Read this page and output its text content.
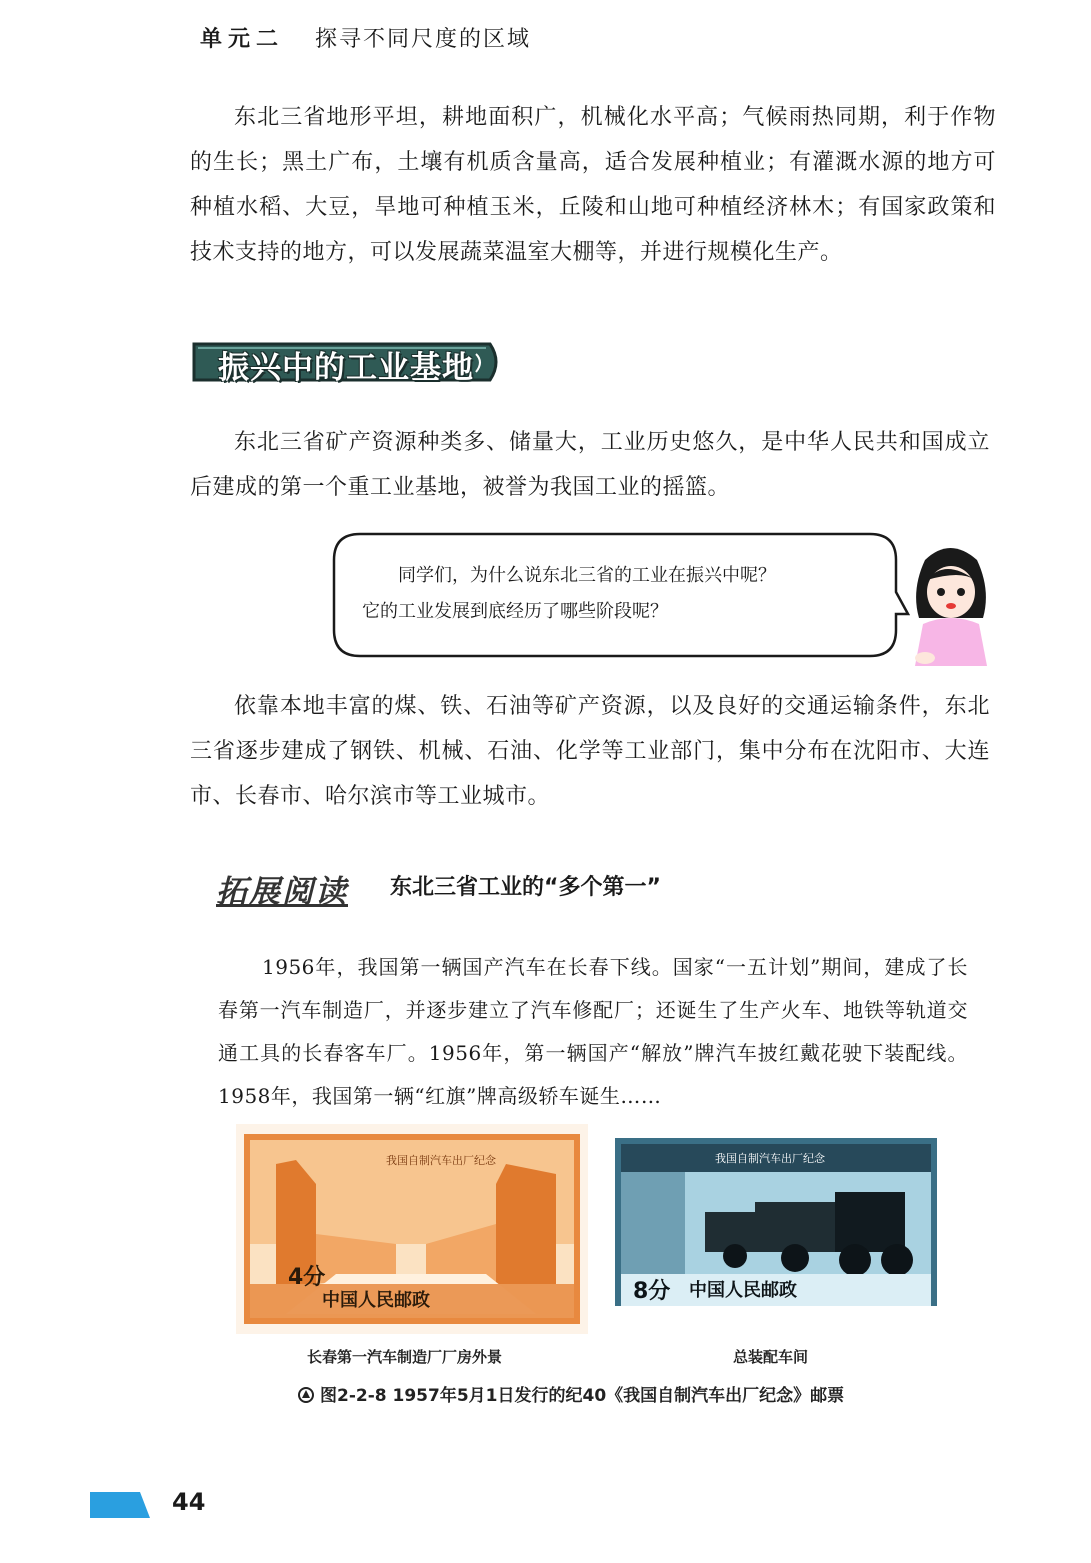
单元二 探寻不同尺度的区域
东北三省地形平坦，耕地面积广，机械化水平高；气候雨热同期，利于作物的生长；黑土广布，土壤有机质含量高，适合发展种植业；有灌溉水源的地方可种植水稻、大豆，旱地可种植玉米，丘陵和山地可种植经济林木；有国家政策和技术支持的地方，可以发展蔬菜温室大棚等，并进行规模化生产。
振兴中的工业基地
东北三省矿产资源种类多、储量大，工业历史悠久，是中华人民共和国成立后建成的第一个重工业基地，被誉为我国工业的摇篮。
同学们，为什么说东北三省的工业在振兴中呢？
它的工业发展到底经历了哪些阶段呢？
依靠本地丰富的煤、铁、石油等矿产资源，以及良好的交通运输条件，东北三省逐步建成了钢铁、机械、石油、化学等工业部门，集中分布在沈阳市、大连市、长春市、哈尔滨市等工业城市。
拓展阅读 东北三省工业的“多个第一”
1956年，我国第一辆国产汽车在长春下线。国家“一五计划”期间，建成了长春第一汽车制造厂，并逐步建立了汽车修配厂；还诞生了生产火车、地铁等轨道交通工具的长春客车厂。1956年，第一辆国产“解放”牌汽车披红戴花驶下装配线。1958年，我国第一辆“红旗”牌高级轿车诞生……
我国自制汽车出厂纪念
4分
中国人民邮政
我国自制汽车出厂纪念
8分 中国人民邮政
长春第一汽车制造厂厂房外景	总装配车间
图2-2-8 1957年5月1日发行的纪40《我国自制汽车出厂纪念》邮票
44
